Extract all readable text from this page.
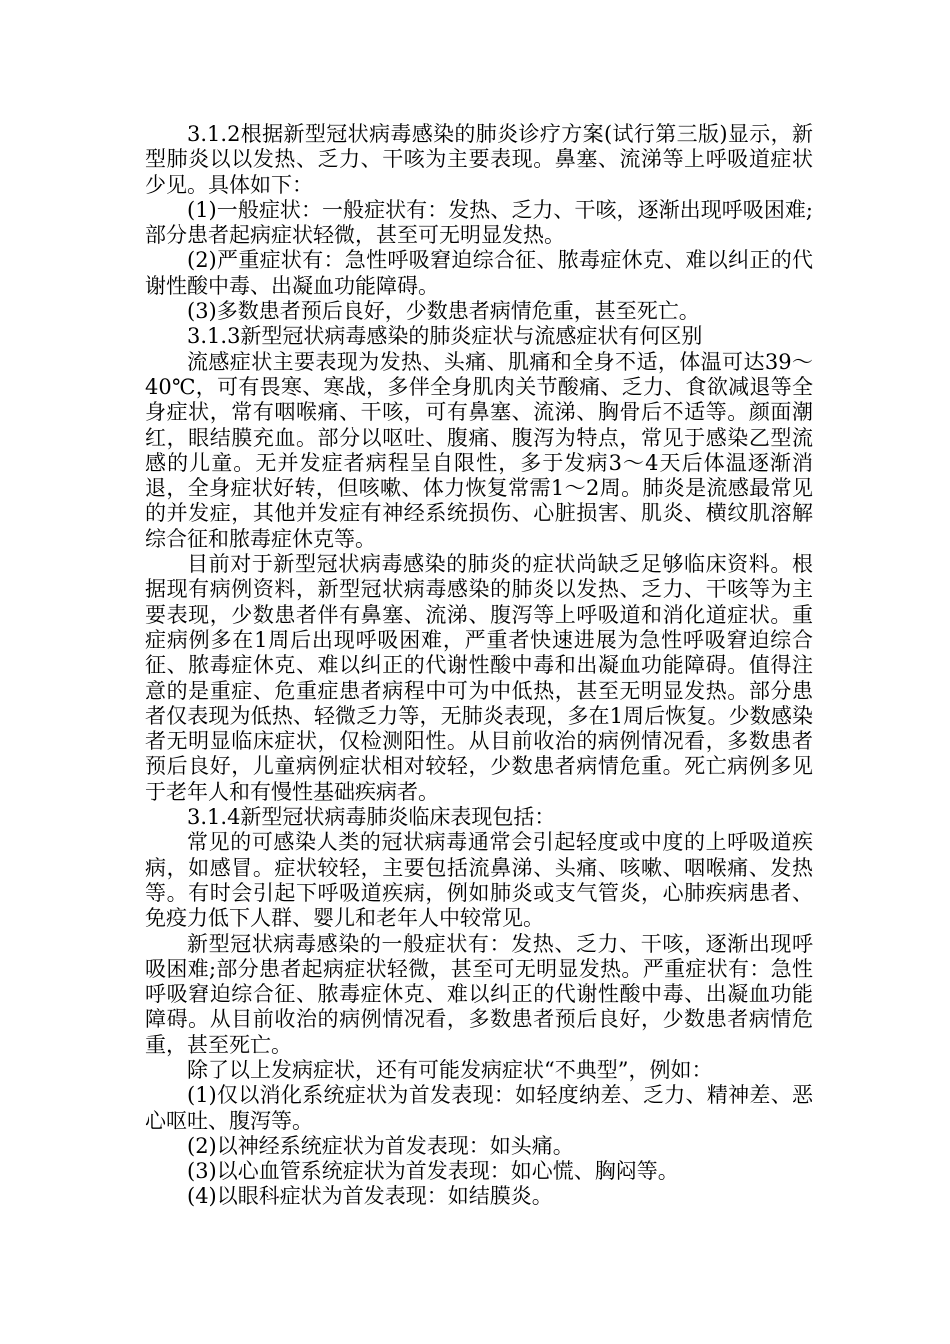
3.1.2根据新型冠状病毒感染的肺炎诊疗方案(试行第三版)显示，新型肺炎以以发热、乏力、干咳为主要表现。鼻塞、流涕等上呼吸道症状少见。具体如下：

(1)一般症状：一般症状有：发热、乏力、干咳，逐渐出现呼吸困难;部分患者起病症状轻微，甚至可无明显发热。

(2)严重症状有：急性呼吸窘迫综合征、脓毒症休克、难以纠正的代谢性酸中毒、出凝血功能障碍。

(3)多数患者预后良好，少数患者病情危重，甚至死亡。

3.1.3新型冠状病毒感染的肺炎症状与流感症状有何区别

流感症状主要表现为发热、头痛、肌痛和全身不适，体温可达39～40℃，可有畏寒、寒战，多伴全身肌肉关节酸痛、乏力、食欲减退等全身症状，常有咽喉痛、干咳，可有鼻塞、流涕、胸骨后不适等。颜面潮红，眼结膜充血。部分以呕吐、腹痛、腹泻为特点，常见于感染乙型流感的儿童。无并发症者病程呈自限性，多于发病3～4天后体温逐渐消退，全身症状好转，但咳嗽、体力恢复常需1～2周。肺炎是流感最常见的并发症，其他并发症有神经系统损伤、心脏损害、肌炎、横纹肌溶解综合征和脓毒症休克等。

目前对于新型冠状病毒感染的肺炎的症状尚缺乏足够临床资料。根据现有病例资料，新型冠状病毒感染的肺炎以发热、乏力、干咳等为主要表现，少数患者伴有鼻塞、流涕、腹泻等上呼吸道和消化道症状。重症病例多在1周后出现呼吸困难，严重者快速进展为急性呼吸窘迫综合征、脓毒症休克、难以纠正的代谢性酸中毒和出凝血功能障碍。值得注意的是重症、危重症患者病程中可为中低热，甚至无明显发热。部分患者仅表现为低热、轻微乏力等，无肺炎表现，多在1周后恢复。少数感染者无明显临床症状，仅检测阳性。从目前收治的病例情况看，多数患者预后良好，儿童病例症状相对较轻，少数患者病情危重。死亡病例多见于老年人和有慢性基础疾病者。

3.1.4新型冠状病毒肺炎临床表现包括：

常见的可感染人类的冠状病毒通常会引起轻度或中度的上呼吸道疾病，如感冒。症状较轻，主要包括流鼻涕、头痛、咳嗽、咽喉痛、发热等。有时会引起下呼吸道疾病，例如肺炎或支气管炎，心肺疾病患者、免疫力低下人群、婴儿和老年人中较常见。

新型冠状病毒感染的一般症状有：发热、乏力、干咳，逐渐出现呼吸困难;部分患者起病症状轻微，甚至可无明显发热。严重症状有：急性呼吸窘迫综合征、脓毒症休克、难以纠正的代谢性酸中毒、出凝血功能障碍。从目前收治的病例情况看，多数患者预后良好，少数患者病情危重，甚至死亡。

除了以上发病症状，还有可能发病症状“不典型”，例如：

(1)仅以消化系统症状为首发表现：如轻度纳差、乏力、精神差、恶心呕吐、腹泻等。

(2)以神经系统症状为首发表现：如头痛。

(3)以心血管系统症状为首发表现：如心慌、胸闷等。

(4)以眼科症状为首发表现：如结膜炎。
